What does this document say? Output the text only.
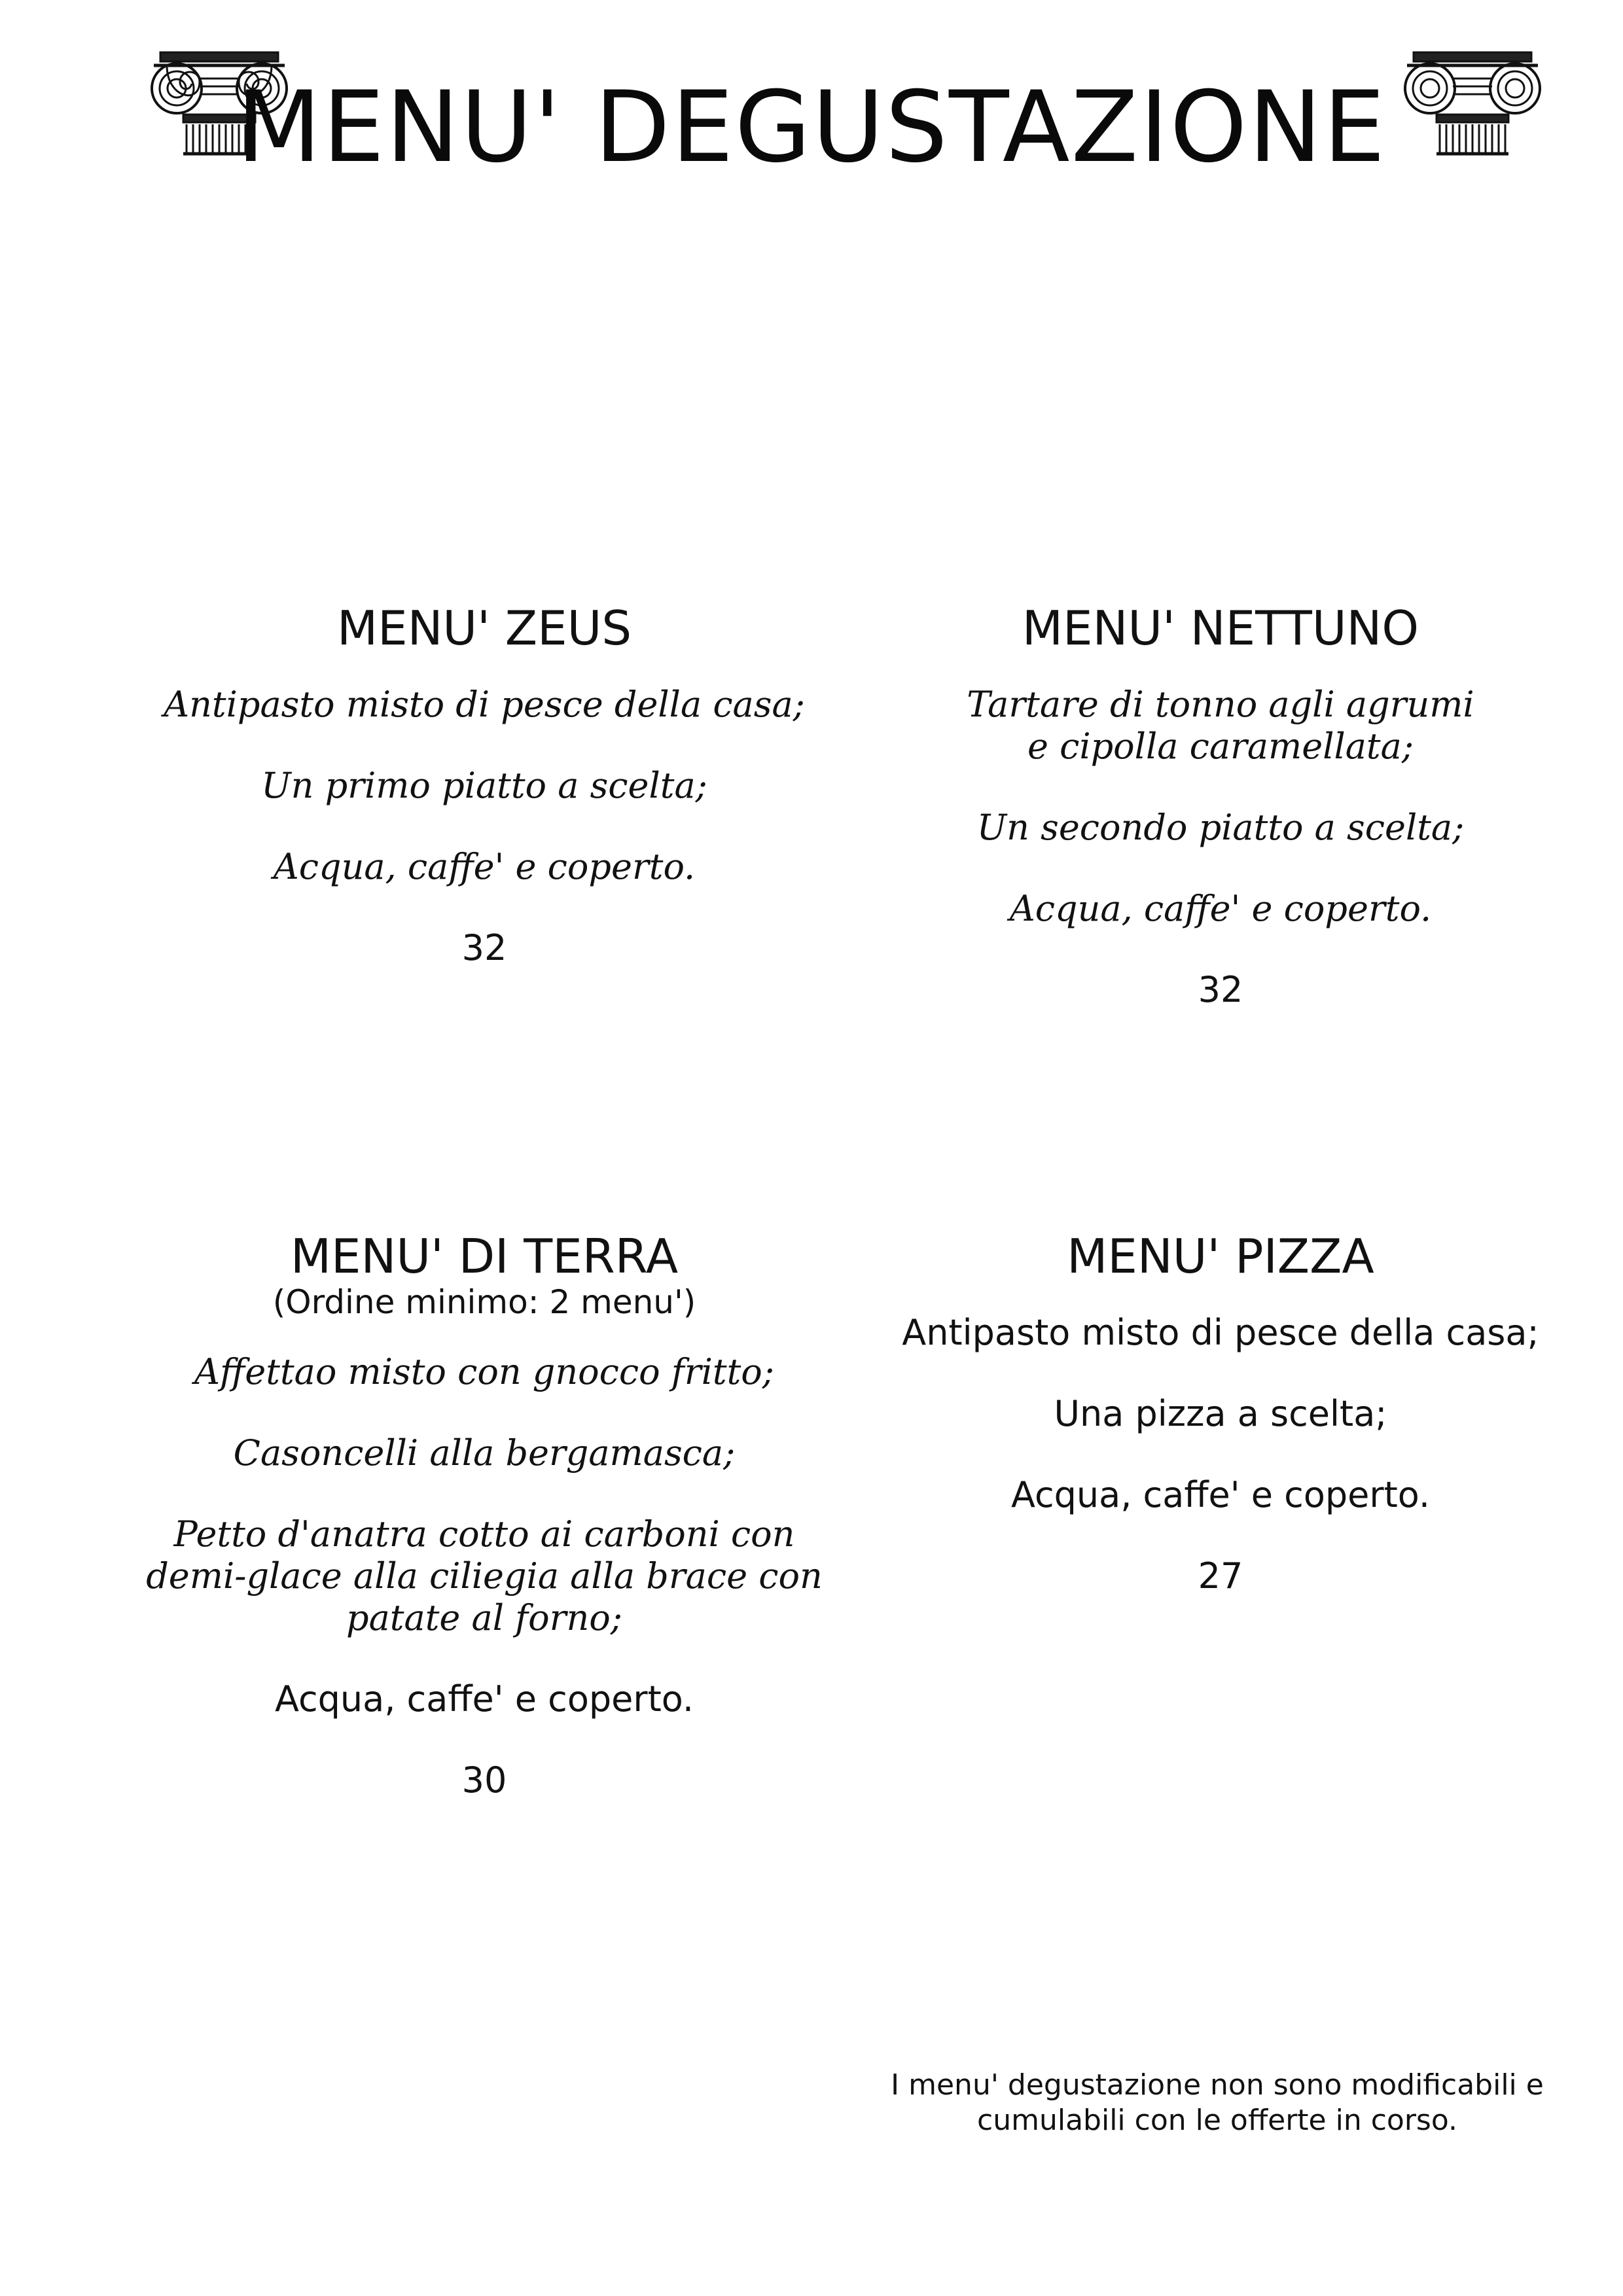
MENU' DEGUSTAZIONE
MENU' ZEUS

Antipasto misto di pesce della casa;

Un primo piatto a scelta;

Acqua, caffe' e coperto.

32

MENU' NETTUNO

Tartare di tonno agli agrumi
e cipolla caramellata;

Un secondo piatto a scelta;

Acqua, caffe' e coperto.

32

MENU' DI TERRA

(Ordine minimo: 2 menu')

Affettao misto con gnocco fritto;

Casoncelli alla bergamasca;

Petto d'anatra cotto ai carboni con
demi-glace alla ciliegia alla brace con
patate al forno;

Acqua, caffe' e coperto.

30

MENU' PIZZA

Antipasto misto di pesce della casa;

Una pizza a scelta;

Acqua, caffe' e coperto.

27

I menu' degustazione non sono modificabili e
cumulabili con le offerte in corso.
